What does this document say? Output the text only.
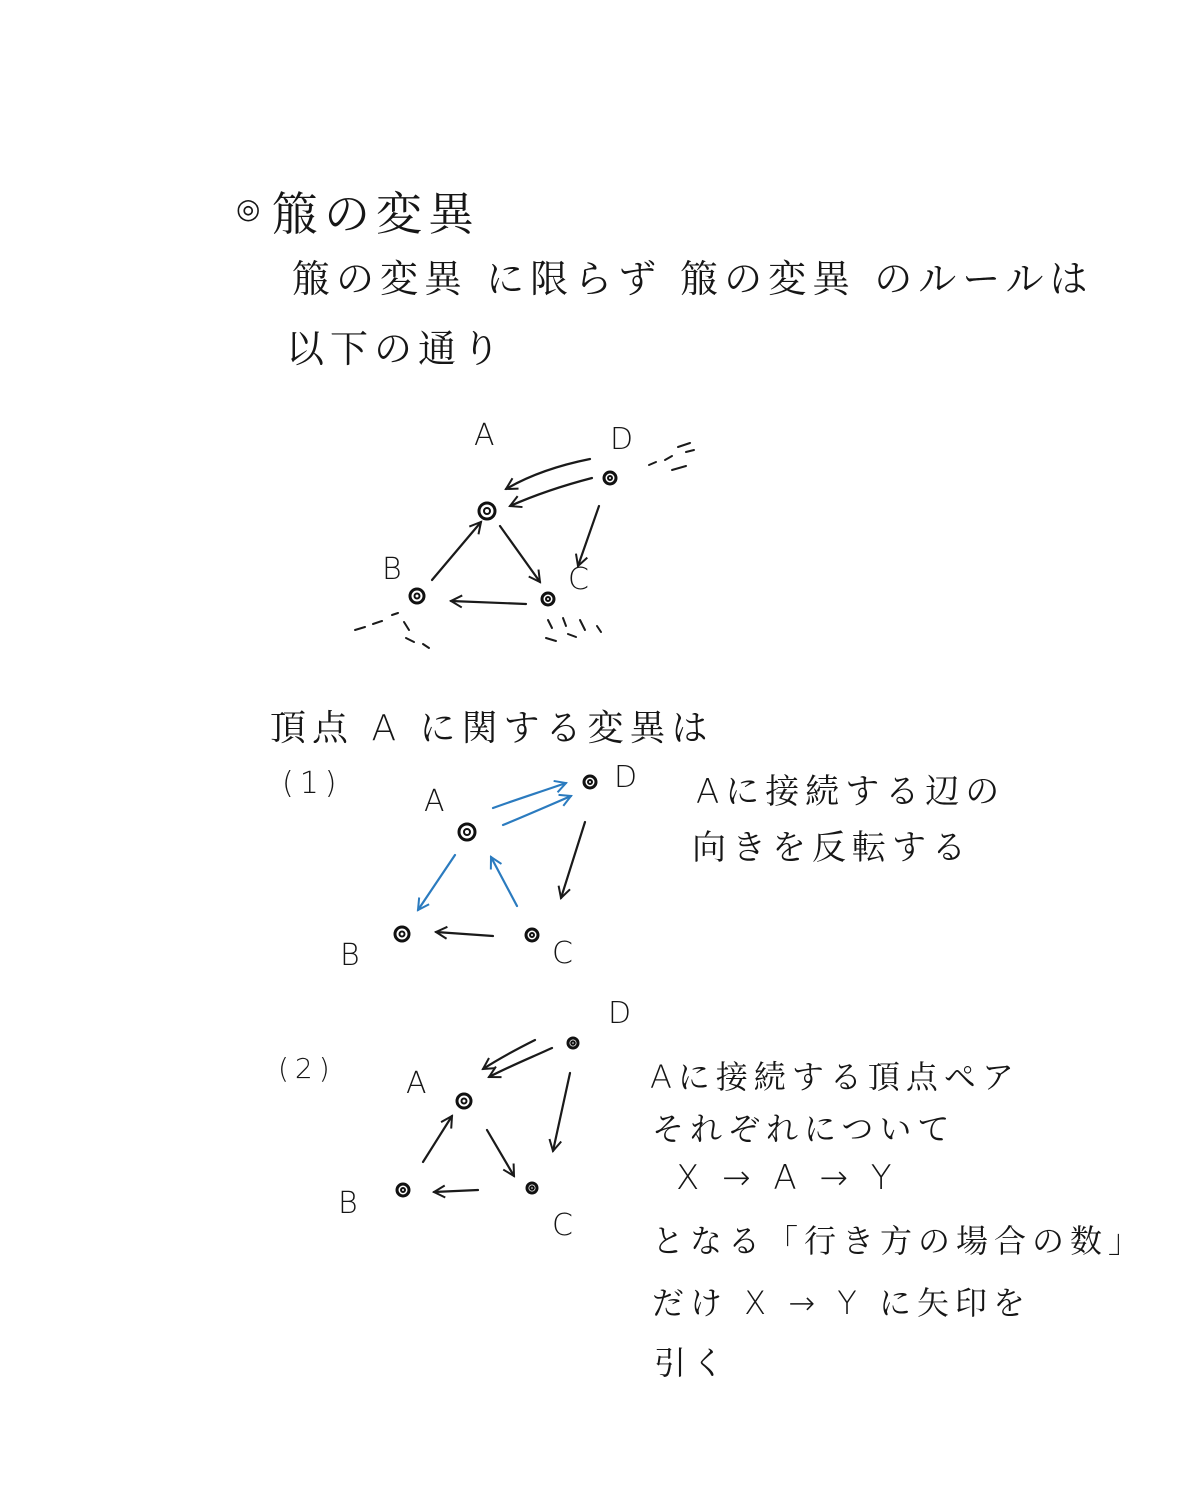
◎ 箙の変異
箙の変異 に限らず 箙の変異 のルールは
以下の通り
A
B	C
D
頂点 A に関する変異は
(1)
A
B	C
D Aに接続する辺の
向きを反転する
(2) A
B
C
D
Aに接続する頂点ペア
それぞれについて
X → A → Y
となる「行き方の場合の数」
だけ X → Y に矢印を
引く
